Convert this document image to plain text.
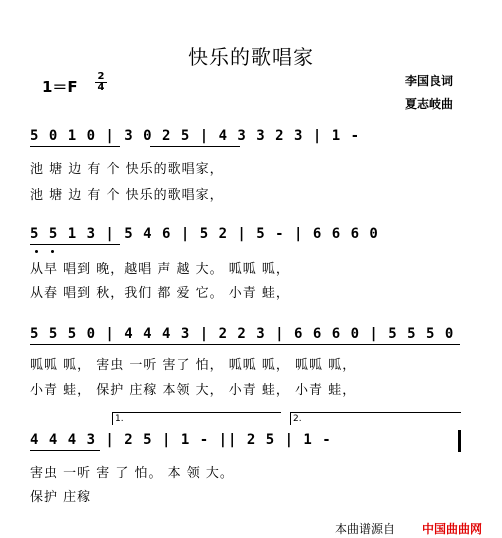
快乐的歌唱家
1＝F
2
4	李国良词
夏志岐曲
5 0 1 0 | 3 0 2 5 | 4 3 3 2 3 | 1 -
池 塘 边 有 个 快乐的歌唱家，
池 塘 边 有 个 快乐的歌唱家，
5 5 1 3 | 5 4 6 | 5 2 | 5 - | 6 6 6 0
从早 唱到 晚，越唱 声 越 大。 呱呱 呱，
从春 唱到 秋，我们 都 爱 它。 小青 蛙，
5 5 5 0 | 4 4 4 3 | 2 2 3 | 6 6 6 0 | 5 5 5 0
呱呱 呱， 害虫 一听 害了 怕， 呱呱 呱， 呱呱 呱，
小青 蛙， 保护 庄稼 本领 大， 小青 蛙， 小青 蛙，
1.	2.
4 4 4 3 | 2 5 | 1 - || 2 5 | 1 -
害虫 一听 害 了 怕。 本 领 大。
保护 庄稼
本曲谱源自 中国曲曲网
